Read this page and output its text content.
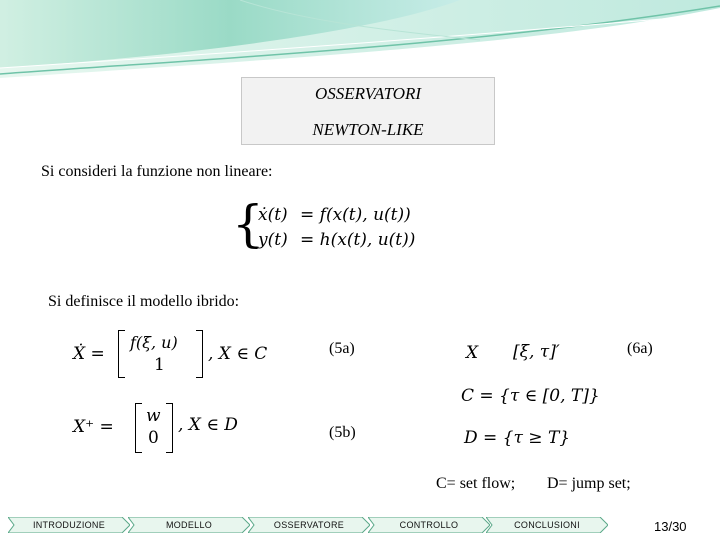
OSSERVATORI
NEWTON-LIKE
Si consideri la funzione non lineare:
{
ẋ(t) = f(x(t), u(t))
y(t) = h(x(t), u(t))
Si definisce il modello ibrido:
Ẋ =
f(ξ, u)
1
, X ∈ C	(5a)	X [ξ, τ]′	(6a)
C = {τ ∈ [0, T]}
X⁺ =
w
0
, X ∈ D	(5b)	D = {τ ≥ T}
C= set flow; D= jump set;
INTRODUZIONE	MODELLO	OSSERVATORE	CONTROLLO	CONCLUSIONI	13/30
